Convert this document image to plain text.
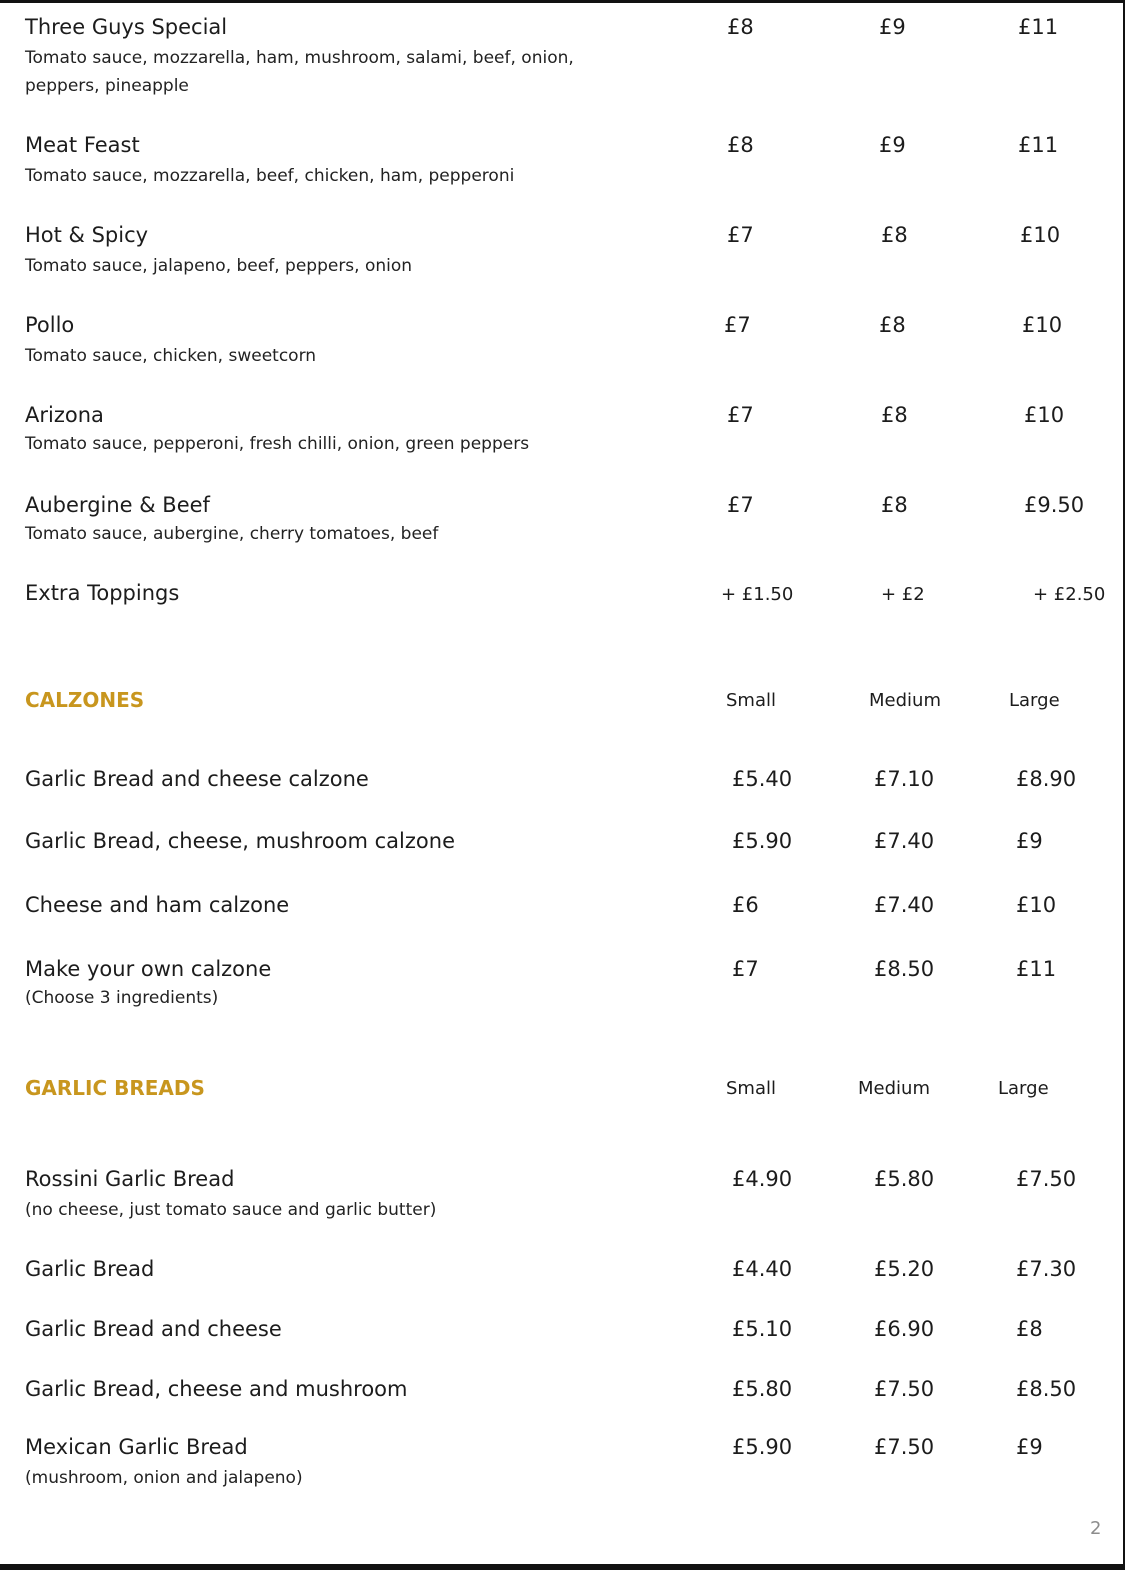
Three Guys Special
Tomato sauce, mozzarella, ham, mushroom, salami, beef, onion,
peppers, pineapple
£8	£9	£11
Meat Feast
Tomato sauce, mozzarella, beef, chicken, ham, pepperoni
£8	£9	£11
Hot & Spicy
Tomato sauce, jalapeno, beef, peppers, onion
£7	£8	£10
Pollo
Tomato sauce, chicken, sweetcorn
£7	£8	£10
Arizona
Tomato sauce, pepperoni, fresh chilli, onion, green peppers
£7	£8	£10
Aubergine & Beef
Tomato sauce, aubergine, cherry tomatoes, beef
£7	£8	£9.50
Extra Toppings	+ £1.50	+ £2	+ £2.50
CALZONES	Small	Medium	Large
Garlic Bread and cheese calzone	£5.40	£7.10	£8.90
Garlic Bread, cheese, mushroom calzone	£5.90	£7.40	£9
Cheese and ham calzone	£6	£7.40	£10
Make your own calzone
(Choose 3 ingredients)
£7	£8.50	£11
GARLIC BREADS	Small	Medium	Large
Rossini Garlic Bread
(no cheese, just tomato sauce and garlic butter)
£4.90	£5.80	£7.50
Garlic Bread	£4.40	£5.20	£7.30
Garlic Bread and cheese	£5.10	£6.90	£8
Garlic Bread, cheese and mushroom	£5.80	£7.50	£8.50
Mexican Garlic Bread
(mushroom, onion and jalapeno)
£5.90	£7.50	£9
2
